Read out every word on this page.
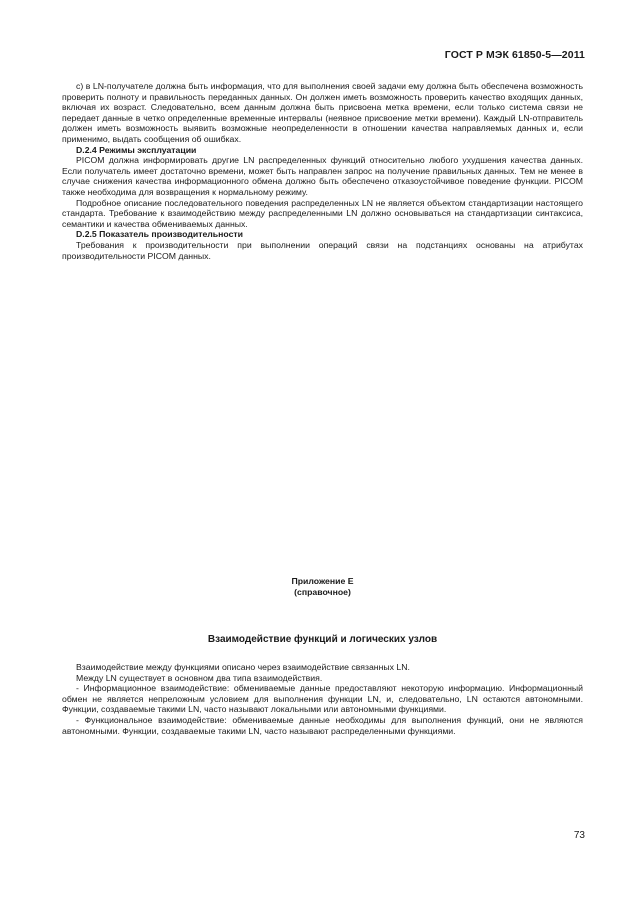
ГОСТ Р МЭК 61850-5—2011

с) в LN-получателе должна быть информация, что для выполнения своей задачи ему должна быть обеспечена возможность проверить полноту и правильность переданных данных. Он должен иметь возможность проверить качество входящих данных, включая их возраст. Следовательно, всем данным должна быть присвоена метка времени, если только система связи не передает данные в четко определенные временные интервалы (неявное присвоение метки времени). Каждый LN-отправитель должен иметь возможность выявить возможные неопределенности в отношении качества направляемых данных и, если применимо, выдать сообщения об ошибках.

D.2.4 Режимы эксплуатации

PICOM должна информировать другие LN распределенных функций относительно любого ухудшения качества данных. Если получатель имеет достаточно времени, может быть направлен запрос на получение правильных данных. Тем не менее в случае снижения качества информационного обмена должно быть обеспечено отказоустойчивое поведение функции. PICOM также необходима для возвращения к нормальному режиму.

Подробное описание последовательного поведения распределенных LN не является объектом стандартизации настоящего стандарта. Требование к взаимодействию между распределенными LN должно основываться на стандартизации синтаксиса, семантики и качества обмениваемых данных.

D.2.5 Показатель производительности

Требования к производительности при выполнении операций связи на подстанциях основаны на атрибутах производительности PICOM данных.

Приложение Е
(справочное)
Взаимодействие функций и логических узлов

Взаимодействие между функциями описано через взаимодействие связанных LN.

Между LN существует в основном два типа взаимодействия.

- Информационное взаимодействие: обмениваемые данные предоставляют некоторую информацию. Информационный обмен не является непреложным условием для выполнения функции LN, и, следовательно, LN остаются автономными. Функции, создаваемые такими LN, часто называют локальными или автономными функциями.

- Функциональное взаимодействие: обмениваемые данные необходимы для выполнения функций, они не являются автономными. Функции, создаваемые такими LN, часто называют распределенными функциями.

73
